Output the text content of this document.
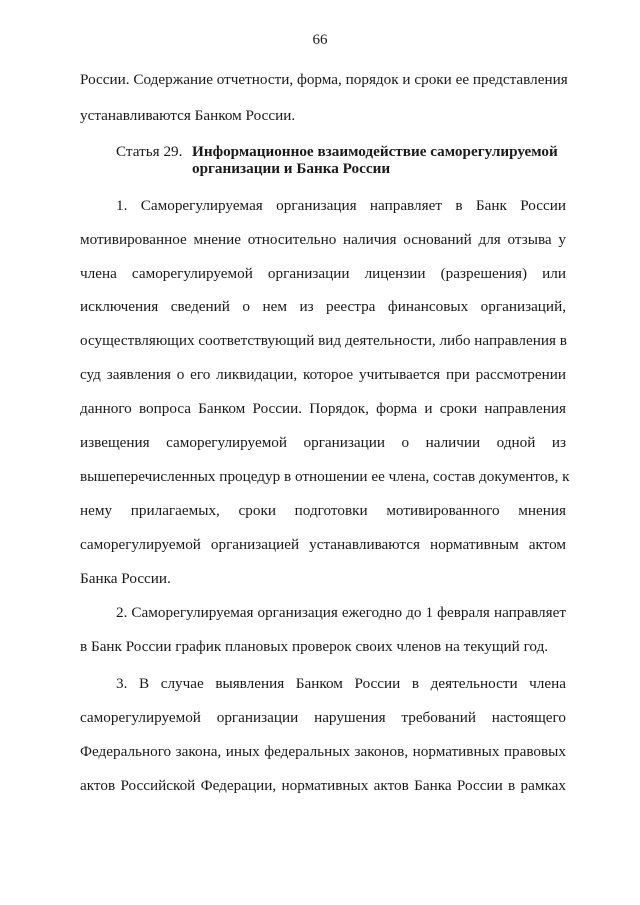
66
России. Содержание отчетности, форма, порядок и сроки ее представления
устанавливаются Банком России.
Статья 29. Информационное взаимодействие саморегулируемой
организации и Банка России
1. Саморегулируемая организация направляет в Банк России
мотивированное мнение относительно наличия оснований для отзыва у
члена саморегулируемой организации лицензии (разрешения) или
исключения сведений о нем из реестра финансовых организаций,
осуществляющих соответствующий вид деятельности, либо направления в
суд заявления о его ликвидации, которое учитывается при рассмотрении
данного вопроса Банком России. Порядок, форма и сроки направления
извещения саморегулируемой организации о наличии одной из
вышеперечисленных процедур в отношении ее члена, состав документов, к
нему прилагаемых, сроки подготовки мотивированного мнения
саморегулируемой организацией устанавливаются нормативным актом
Банка России.
2. Саморегулируемая организация ежегодно до 1 февраля направляет
в Банк России график плановых проверок своих членов на текущий год.
3. В случае выявления Банком России в деятельности члена
саморегулируемой организации нарушения требований настоящего
Федерального закона, иных федеральных законов, нормативных правовых
актов Российской Федерации, нормативных актов Банка России в рамках
